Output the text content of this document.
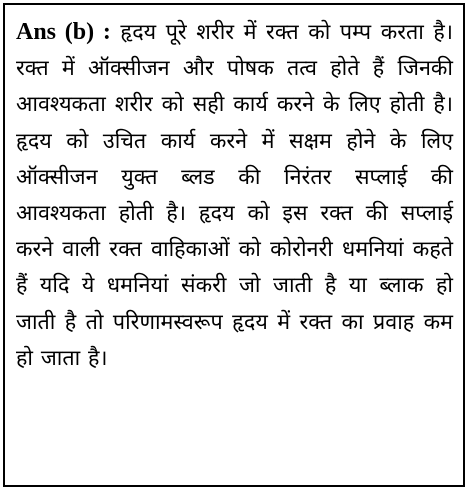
Ans (b) : हृदय पूरे शरीर में रक्त को पम्प करता है। रक्त में ऑक्सीजन और पोषक तत्व होते हैं जिनकी आवश्यकता शरीर को सही कार्य करने के लिए होती है। हृदय को उचित कार्य करने में सक्षम होने के लिए ऑक्सीजन युक्त ब्लड की निरंतर सप्लाई की आवश्यकता होती है। हृदय को इस रक्त की सप्लाई करने वाली रक्त वाहिकाओं को कोरोनरी धमनियां कहते हैं यदि ये धमनियां संकरी जो जाती है या ब्लाक हो जाती है तो परिणामस्वरूप हृदय में रक्त का प्रवाह कम हो जाता है।
